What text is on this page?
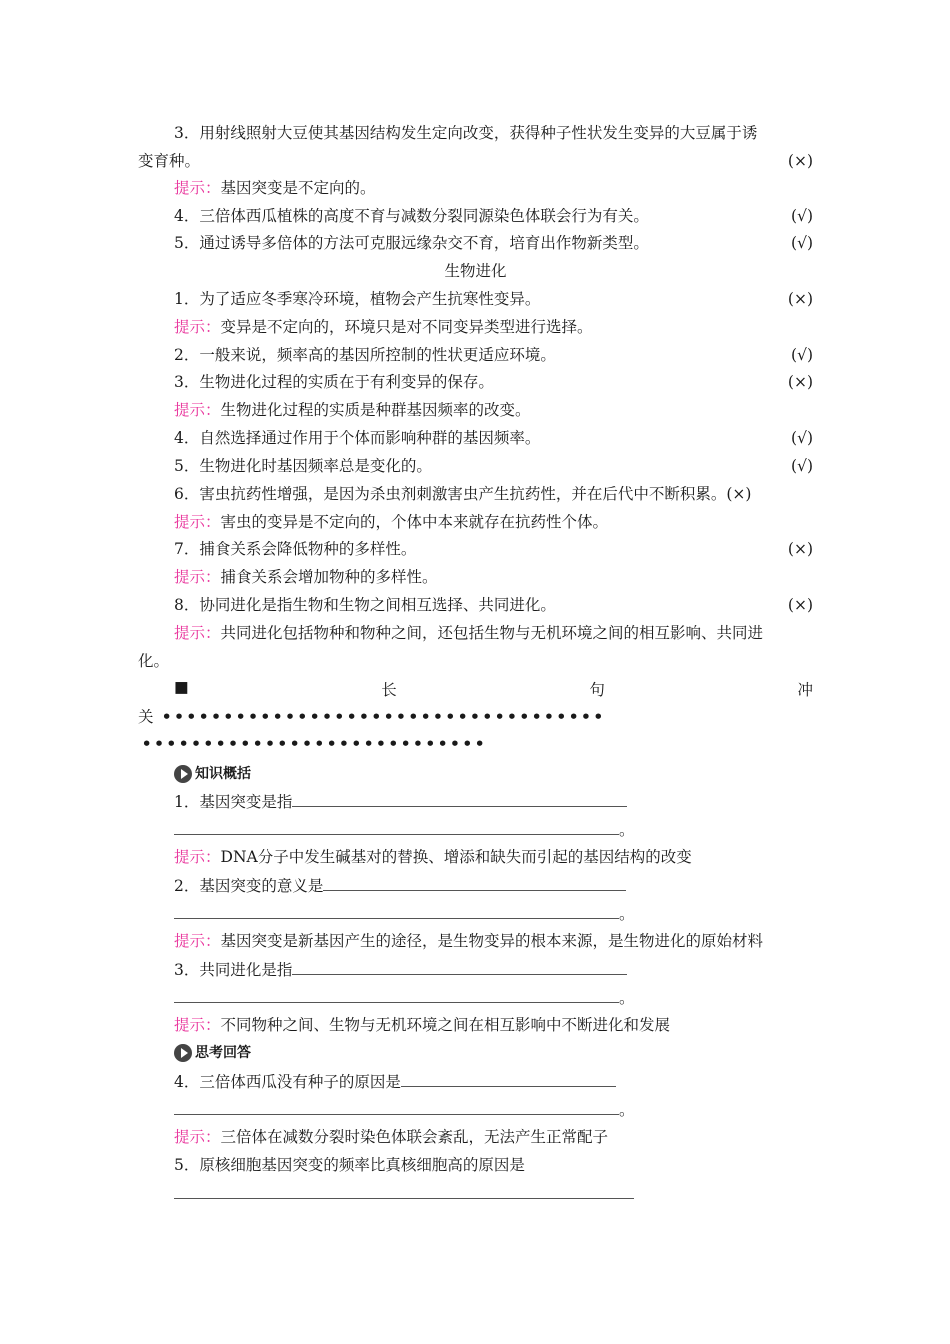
3．用射线照射大豆使其基因结构发生定向改变，获得种子性状发生变异的大豆属于诱
变育种。	(×)
提示：基因突变是不定向的。
4．三倍体西瓜植株的高度不育与减数分裂同源染色体联会行为有关。	(√)
5．通过诱导多倍体的方法可克服远缘杂交不育，培育出作物新类型。	(√)
生物进化
1．为了适应冬季寒冷环境，植物会产生抗寒性变异。	(×)
提示：变异是不定向的，环境只是对不同变异类型进行选择。
2．一般来说，频率高的基因所控制的性状更适应环境。	(√)
3．生物进化过程的实质在于有利变异的保存。	(×)
提示：生物进化过程的实质是种群基因频率的改变。
4．自然选择通过作用于个体而影响种群的基因频率。	(√)
5．生物进化时基因频率总是变化的。	(√)
6．害虫抗药性增强，是因为杀虫剂刺激害虫产生抗药性，并在后代中不断积累。(×)
提示：害虫的变异是不定向的，个体中本来就存在抗药性个体。
7．捕食关系会降低物种的多样性。	(×)
提示：捕食关系会增加物种的多样性。
8．协同进化是指生物和生物之间相互选择、共同进化。	(×)
提示：共同进化包括物种和物种之间，还包括生物与无机环境之间的相互影响、共同进
化。
■	长	句	冲
关 ••••••••••••••••••••••••••••••••••••
••••••••••••••••••••••••••••
知识概括
1．基因突变是指
。
提示：DNA分子中发生碱基对的替换、增添和缺失而引起的基因结构的改变
2．基因突变的意义是
。
提示：基因突变是新基因产生的途径，是生物变异的根本来源，是生物进化的原始材料
3．共同进化是指
。
提示：不同物种之间、生物与无机环境之间在相互影响中不断进化和发展
思考回答
4．三倍体西瓜没有种子的原因是
。
提示：三倍体在减数分裂时染色体联会紊乱，无法产生正常配子
5．原核细胞基因突变的频率比真核细胞高的原因是
